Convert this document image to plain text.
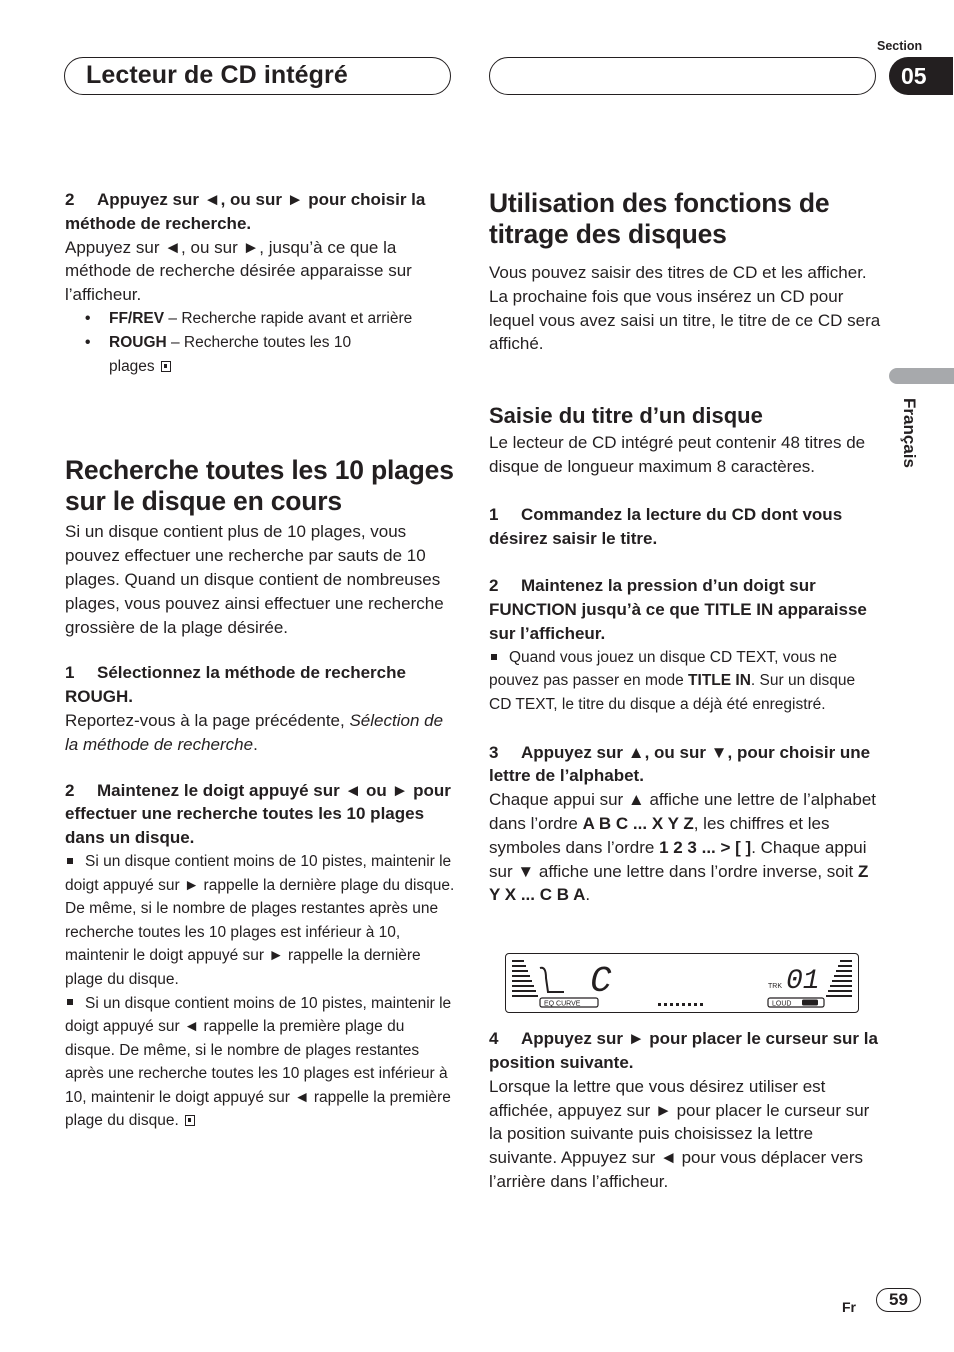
Lecteur de CD intégré
Section
05
Français
2 Appuyez sur ◄, ou sur ► pour choisir la méthode de recherche.

Appuyez sur ◄, ou sur ►, jusqu’à ce que la méthode de recherche désirée apparaisse sur l’afficheur.

• FF/REV – Recherche rapide avant et arrière
• ROUGH – Recherche toutes les 10 plages
Recherche toutes les 10 plages sur le disque en cours

Si un disque contient plus de 10 plages, vous pouvez effectuer une recherche par sauts de 10 plages. Quand un disque contient de nombreuses plages, vous pouvez ainsi effectuer une recherche grossière de la plage désirée.

1 Sélectionnez la méthode de recherche ROUGH.

Reportez-vous à la page précédente, Sélection de la méthode de recherche.

2 Maintenez le doigt appuyé sur ◄ ou ► pour effectuer une recherche toutes les 10 plages dans un disque.

Si un disque contient moins de 10 pistes, maintenir le doigt appuyé sur ► rappelle la dernière plage du disque. De même, si le nombre de plages restantes après une recherche toutes les 10 plages est inférieur à 10, maintenir le doigt appuyé sur ► rappelle la dernière plage du disque.

Si un disque contient moins de 10 pistes, maintenir le doigt appuyé sur ◄ rappelle la première plage du disque. De même, si le nombre de plages restantes après une recherche toutes les 10 plages est inférieur à 10, maintenir le doigt appuyé sur ◄ rappelle la première plage du disque.

Utilisation des fonctions de titrage des disques

Vous pouvez saisir des titres de CD et les afficher. La prochaine fois que vous insérez un CD pour lequel vous avez saisi un titre, le titre de ce CD sera affiché.

Saisie du titre d’un disque

Le lecteur de CD intégré peut contenir 48 titres de disque de longueur maximum 8 caractères.

1 Commandez la lecture du CD dont vous désirez saisir le titre.
2 Maintenez la pression d’un doigt sur FUNCTION jusqu’à ce que TITLE IN apparaisse sur l’afficheur.

Quand vous jouez un disque CD TEXT, vous ne pouvez pas passer en mode TITLE IN. Sur un disque CD TEXT, le titre du disque a déjà été enregistré.

3 Appuyez sur ▲, ou sur ▼, pour choisir une lettre de l’alphabet.

Chaque appui sur ▲ affiche une lettre de l’alphabet dans l’ordre A B C ... X Y Z, les chiffres et les symboles dans l’ordre 1 2 3 ... > [ ]. Chaque appui sur ▼ affiche une lettre dans l’ordre inverse, soit Z Y X ... C B A.

4 Appuyez sur ► pour placer le curseur sur la position suivante.

Lorsque la lettre que vous désirez utiliser est affichée, appuyez sur ► pour placer le curseur sur la position suivante puis choisissez la lettre suivante. Appuyez sur ◄ pour vous déplacer vers l’arrière dans l’afficheur.

EQ CURVE
C	TRK 01
LOUD
Fr	59
